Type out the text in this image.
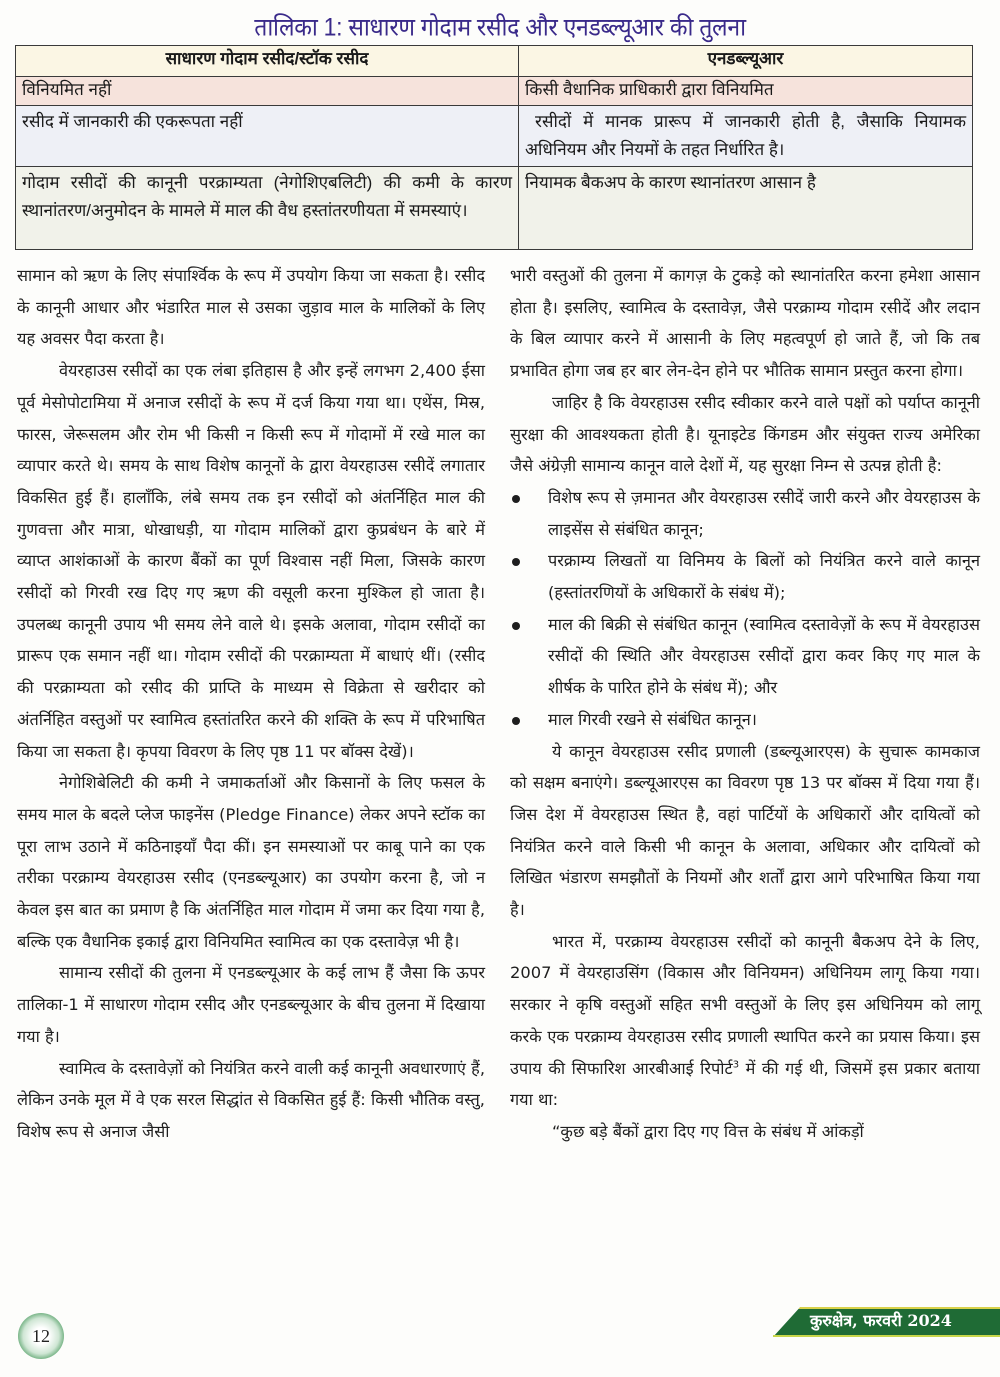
तालिका 1: साधारण गोदाम रसीद और एनडब्ल्यूआर की तुलना
साधारण गोदाम रसीद/स्टॉक रसीद	एनडब्ल्यूआर
विनियमित नहीं	किसी वैधानिक प्राधिकारी द्वारा विनियमित
रसीद में जानकारी की एकरूपता नहीं	रसीदों में मानक प्रारूप में जानकारी होती है, जैसाकि नियामक अधिनियम और नियमों के तहत निर्धारित है।
गोदाम रसीदों की कानूनी परक्राम्यता (नेगोशिएबलिटी) की कमी के कारण स्थानांतरण/अनुमोदन के मामले में माल की वैध हस्तांतरणीयता में समस्याएं।	नियामक बैकअप के कारण स्थानांतरण आसान है

सामान को ऋण के लिए संपार्श्विक के रूप में उपयोग किया जा सकता है। रसीद के कानूनी आधार और भंडारित माल से उसका जुड़ाव माल के मालिकों के लिए यह अवसर पैदा करता है।

वेयरहाउस रसीदों का एक लंबा इतिहास है और इन्हें लगभग 2,400 ईसा पूर्व मेसोपोटामिया में अनाज रसीदों के रूप में दर्ज किया गया था। एथेंस, मिस्र, फारस, जेरूसलम और रोम भी किसी न किसी रूप में गोदामों में रखे माल का व्यापार करते थे। समय के साथ विशेष कानूनों के द्वारा वेयरहाउस रसीदें लगातार विकसित हुई हैं। हालाँकि, लंबे समय तक इन रसीदों को अंतर्निहित माल की गुणवत्ता और मात्रा, धोखाधड़ी, या गोदाम मालिकों द्वारा कुप्रबंधन के बारे में व्याप्त आशंकाओं के कारण बैंकों का पूर्ण विश्वास नहीं मिला, जिसके कारण रसीदों को गिरवी रख दिए गए ऋण की वसूली करना मुश्किल हो जाता है। उपलब्ध कानूनी उपाय भी समय लेने वाले थे। इसके अलावा, गोदाम रसीदों का प्रारूप एक समान नहीं था। गोदाम रसीदों की परक्राम्यता में बाधाएं थीं। (रसीद की परक्राम्यता को रसीद की प्राप्ति के माध्यम से विक्रेता से खरीदार को अंतर्निहित वस्तुओं पर स्वामित्व हस्तांतरित करने की शक्ति के रूप में परिभाषित किया जा सकता है। कृपया विवरण के लिए पृष्ठ 11 पर बॉक्स देखें)।

नेगोशिबेलिटी की कमी ने जमाकर्ताओं और किसानों के लिए फसल के समय माल के बदले प्लेज फाइनेंस (Pledge Finance) लेकर अपने स्टॉक का पूरा लाभ उठाने में कठिनाइयाँ पैदा कीं। इन समस्याओं पर काबू पाने का एक तरीका परक्राम्य वेयरहाउस रसीद (एनडब्ल्यूआर) का उपयोग करना है, जो न केवल इस बात का प्रमाण है कि अंतर्निहित माल गोदाम में जमा कर दिया गया है, बल्कि एक वैधानिक इकाई द्वारा विनियमित स्वामित्व का एक दस्तावेज़ भी है।

सामान्य रसीदों की तुलना में एनडब्ल्यूआर के कई लाभ हैं जैसा कि ऊपर तालिका-1 में साधारण गोदाम रसीद और एनडब्ल्यूआर के बीच तुलना में दिखाया गया है।

स्वामित्व के दस्तावेज़ों को नियंत्रित करने वाली कई कानूनी अवधारणाएं हैं, लेकिन उनके मूल में वे एक सरल सिद्धांत से विकसित हुई हैं: किसी भौतिक वस्तु, विशेष रूप से अनाज जैसी

भारी वस्तुओं की तुलना में कागज़ के टुकड़े को स्थानांतरित करना हमेशा आसान होता है। इसलिए, स्वामित्व के दस्तावेज़, जैसे परक्राम्य गोदाम रसीदें और लदान के बिल व्यापार करने में आसानी के लिए महत्वपूर्ण हो जाते हैं, जो कि तब प्रभावित होगा जब हर बार लेन-देन होने पर भौतिक सामान प्रस्तुत करना होगा।

जाहिर है कि वेयरहाउस रसीद स्वीकार करने वाले पक्षों को पर्याप्त कानूनी सुरक्षा की आवश्यकता होती है। यूनाइटेड किंगडम और संयुक्त राज्य अमेरिका जैसे अंग्रेज़ी सामान्य कानून वाले देशों में, यह सुरक्षा निम्न से उत्पन्न होती है:

विशेष रूप से ज़मानत और वेयरहाउस रसीदें जारी करने और वेयरहाउस के लाइसेंस से संबंधित कानून;
परक्राम्य लिखतों या विनिमय के बिलों को नियंत्रित करने वाले कानून (हस्तांतरणियों के अधिकारों के संबंध में);
माल की बिक्री से संबंधित कानून (स्वामित्व दस्तावेज़ों के रूप में वेयरहाउस रसीदों की स्थिति और वेयरहाउस रसीदों द्वारा कवर किए गए माल के शीर्षक के पारित होने के संबंध में); और
माल गिरवी रखने से संबंधित कानून।

ये कानून वेयरहाउस रसीद प्रणाली (डब्ल्यूआरएस) के सुचारू कामकाज को सक्षम बनाएंगे। डब्ल्यूआरएस का विवरण पृष्ठ 13 पर बॉक्स में दिया गया हैं। जिस देश में वेयरहाउस स्थित है, वहां पार्टियों के अधिकारों और दायित्वों को नियंत्रित करने वाले किसी भी कानून के अलावा, अधिकार और दायित्वों को लिखित भंडारण समझौतों के नियमों और शर्तों द्वारा आगे परिभाषित किया गया है।

भारत में, परक्राम्य वेयरहाउस रसीदों को कानूनी बैकअप देने के लिए, 2007 में वेयरहाउसिंग (विकास और विनियमन) अधिनियम लागू किया गया। सरकार ने कृषि वस्तुओं सहित सभी वस्तुओं के लिए इस अधिनियम को लागू करके एक परक्राम्य वेयरहाउस रसीद प्रणाली स्थापित करने का प्रयास किया। इस उपाय की सिफारिश आरबीआई रिपोर्ट$^3$ में की गई थी, जिसमें इस प्रकार बताया गया था:

“कुछ बड़े बैंकों द्वारा दिए गए वित्त के संबंध में आंकड़ों

12
कुरुक्षेत्र, फरवरी 2024
